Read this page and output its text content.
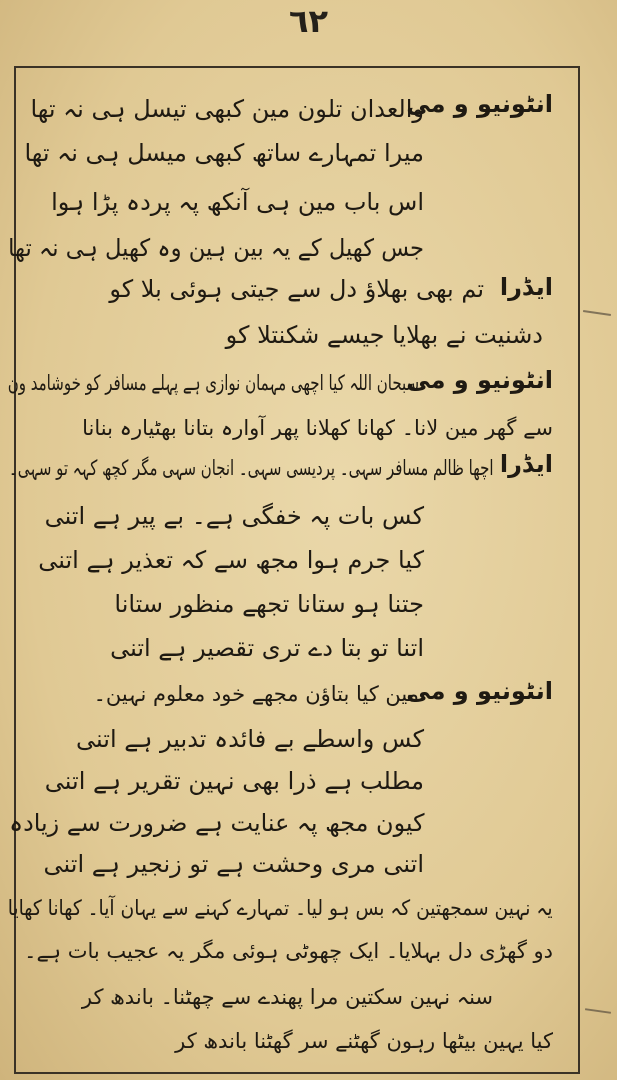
٦٢
انٹونیو و می
والعدان تلون مین کبھی تیسل ہی نہ تھا
میرا تمہارے ساتھ کبھی میسل ہی نہ تھا
اس باب مین ہی آنکھ پہ پردہ پڑا ہوا
جس کھیل کے یہ بین ہین وہ کھیل ہی نہ تھا
ایڈرا
تم بھی بھلاؤ دل سے جیتی ہوئی بلا کو
دشنیت نے بھلایا جیسے شکنتلا کو
انٹونیو و می
سبحان اللہ کیا اچھی مہمان نوازی ہے پہلے مسافر کو خوشامد ون
سے گھر مین لانا۔ کھانا کھلانا پھر آوارہ بتانا بھٹیارہ بنانا
ایڈرا
اچھا ظالم مسافر سہی۔ پردیسی سہی۔ انجان سہی مگر کچھ کہہ تو سہی۔
کس بات پہ خفگی ہے۔ بے پیر ہے اتنی
کیا جرم ہوا مجھ سے کہ تعذیر ہے اتنی
جتنا ہو ستانا تجھے منظور ستانا
اتنا تو بتا دے تری تقصیر ہے اتنی
انٹونیو و می
مین کیا بتاؤن مجھے خود معلوم نہین۔
کس واسطے بے فائدہ تدبیر ہے اتنی
مطلب ہے ذرا بھی نہین تقریر ہے اتنی
کیون مجھ پہ عنایت ہے ضرورت سے زیادہ
اتنی مری وحشت ہے تو زنجیر ہے اتنی
یہ نہین سمجھتین کہ بس ہو لیا۔ تمہارے کہنے سے یہان آیا۔ کھانا کھایا
دو گھڑی دل بہلایا۔ ایک چھوٹی ہوئی مگر یہ عجیب بات ہے۔
سنہ نہین سکتین مرا پھندے سے چھٹنا۔ باندھ کر
کیا یہین بیٹھا رہون گھٹنے سر گھٹنا باندھ کر
